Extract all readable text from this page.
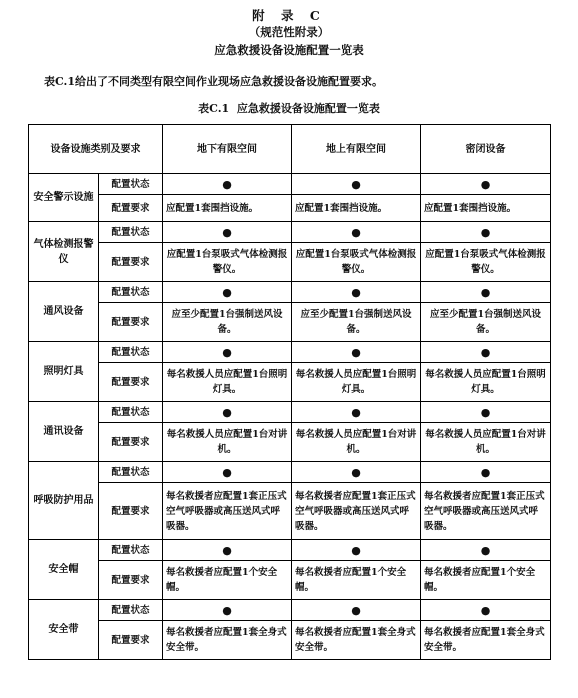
附 录 C
（规范性附录）
应急救援设备设施配置一览表
表C.1给出了不同类型有限空间作业现场应急救援设备设施配置要求。
表C.1  应急救援设备设施配置一览表
设备设施类别及要求		地下有限空间	地上有限空间	密闭设备
安全警示设施	配置状态	●	●	●
	配置要求	应配置1套围挡设施。	应配置1套围挡设施。	应配置1套围挡设施。
气体检测报警仪	配置状态	●	●	●
	配置要求	应配置1台泵吸式气体检测报警仪。	应配置1台泵吸式气体检测报警仪。	应配置1台泵吸式气体检测报警仪。
通风设备	配置状态	●	●	●
	配置要求	应至少配置1台强制送风设备。	应至少配置1台强制送风设备。	应至少配置1台强制送风设备。
照明灯具	配置状态	●	●	●
	配置要求	每名救援人员应配置1台照明灯具。	每名救援人员应配置1台照明灯具。	每名救援人员应配置1台照明灯具。
通讯设备	配置状态	●	●	●
	配置要求	每名救援人员应配置1台对讲机。	每名救援人员应配置1台对讲机。	每名救援人员应配置1台对讲机。
呼吸防护用品	配置状态	●	●	●
	配置要求	每名救援者应配置1套正压式空气呼吸器或高压送风式呼吸器。	每名救援者应配置1套正压式空气呼吸器或高压送风式呼吸器。	每名救援者应配置1套正压式空气呼吸器或高压送风式呼吸器。
安全帽	配置状态	●	●	●
	配置要求	每名救援者应配置1个安全帽。	每名救援者应配置1个安全帽。	每名救援者应配置1个安全帽。
安全带	配置状态	●	●	●
	配置要求	每名救援者应配置1套全身式安全带。	每名救援者应配置1套全身式安全带。	每名救援者应配置1套全身式安全带。
